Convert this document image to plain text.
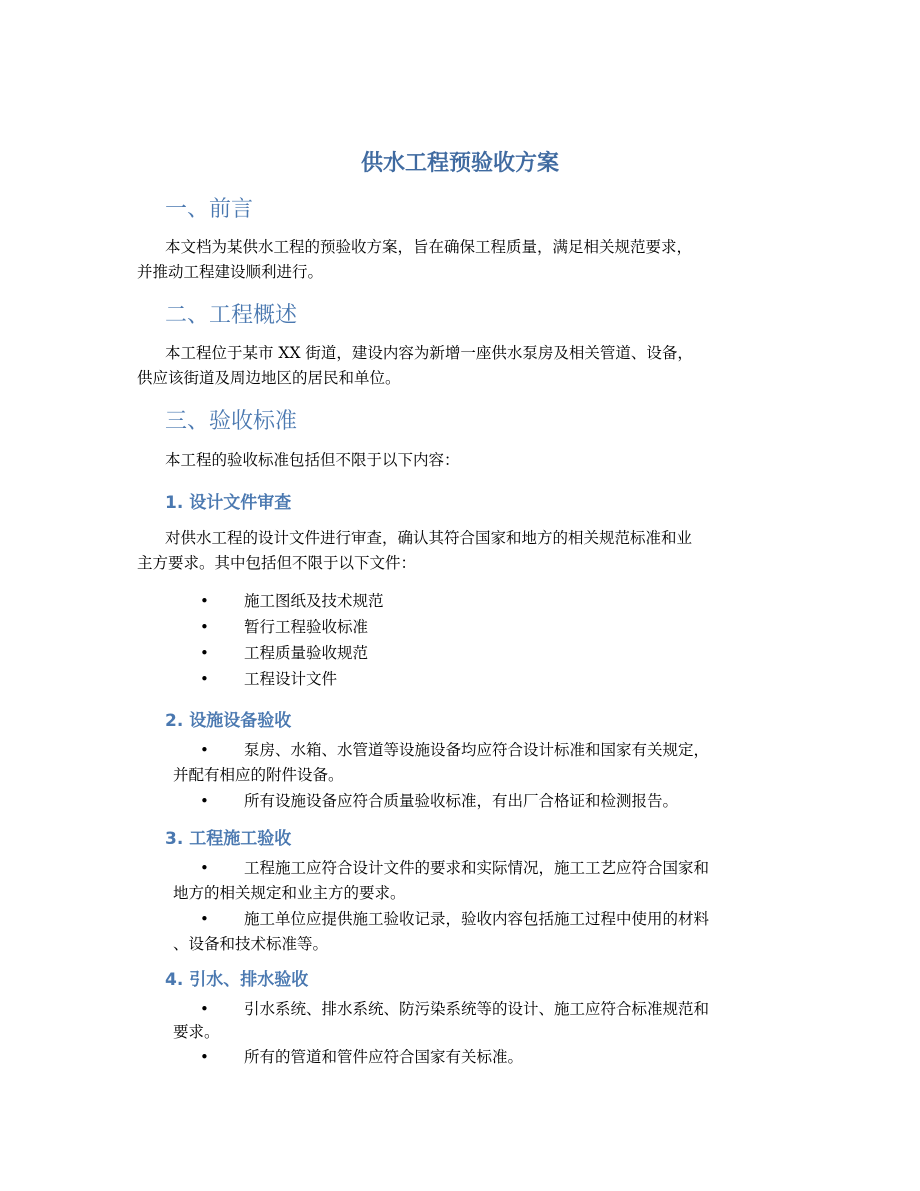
供水工程预验收方案
一、前言

本文档为某供水工程的预验收方案，旨在确保工程质量，满足相关规范要求，

并推动工程建设顺利进行。

二、工程概述

本工程位于某市 XX 街道，建设内容为新增一座供水泵房及相关管道、设备，

供应该街道及周边地区的居民和单位。

三、验收标准

本工程的验收标准包括但不限于以下内容：

1. 设计文件审查

对供水工程的设计文件进行审查，确认其符合国家和地方的相关规范标准和业

主方要求。其中包括但不限于以下文件：

• 施工图纸及技术规范
• 暂行工程验收标准
• 工程质量验收规范
• 工程设计文件
2. 设施设备验收
• 泵房、水箱、水管道等设施设备均应符合设计标准和国家有关规定，
并配有相应的附件设备。
• 所有设施设备应符合质量验收标准，有出厂合格证和检测报告。
3. 工程施工验收
• 工程施工应符合设计文件的要求和实际情况，施工工艺应符合国家和
地方的相关规定和业主方的要求。
• 施工单位应提供施工验收记录，验收内容包括施工过程中使用的材料
、设备和技术标准等。
4. 引水、排水验收
• 引水系统、排水系统、防污染系统等的设计、施工应符合标准规范和
要求。
• 所有的管道和管件应符合国家有关标准。
